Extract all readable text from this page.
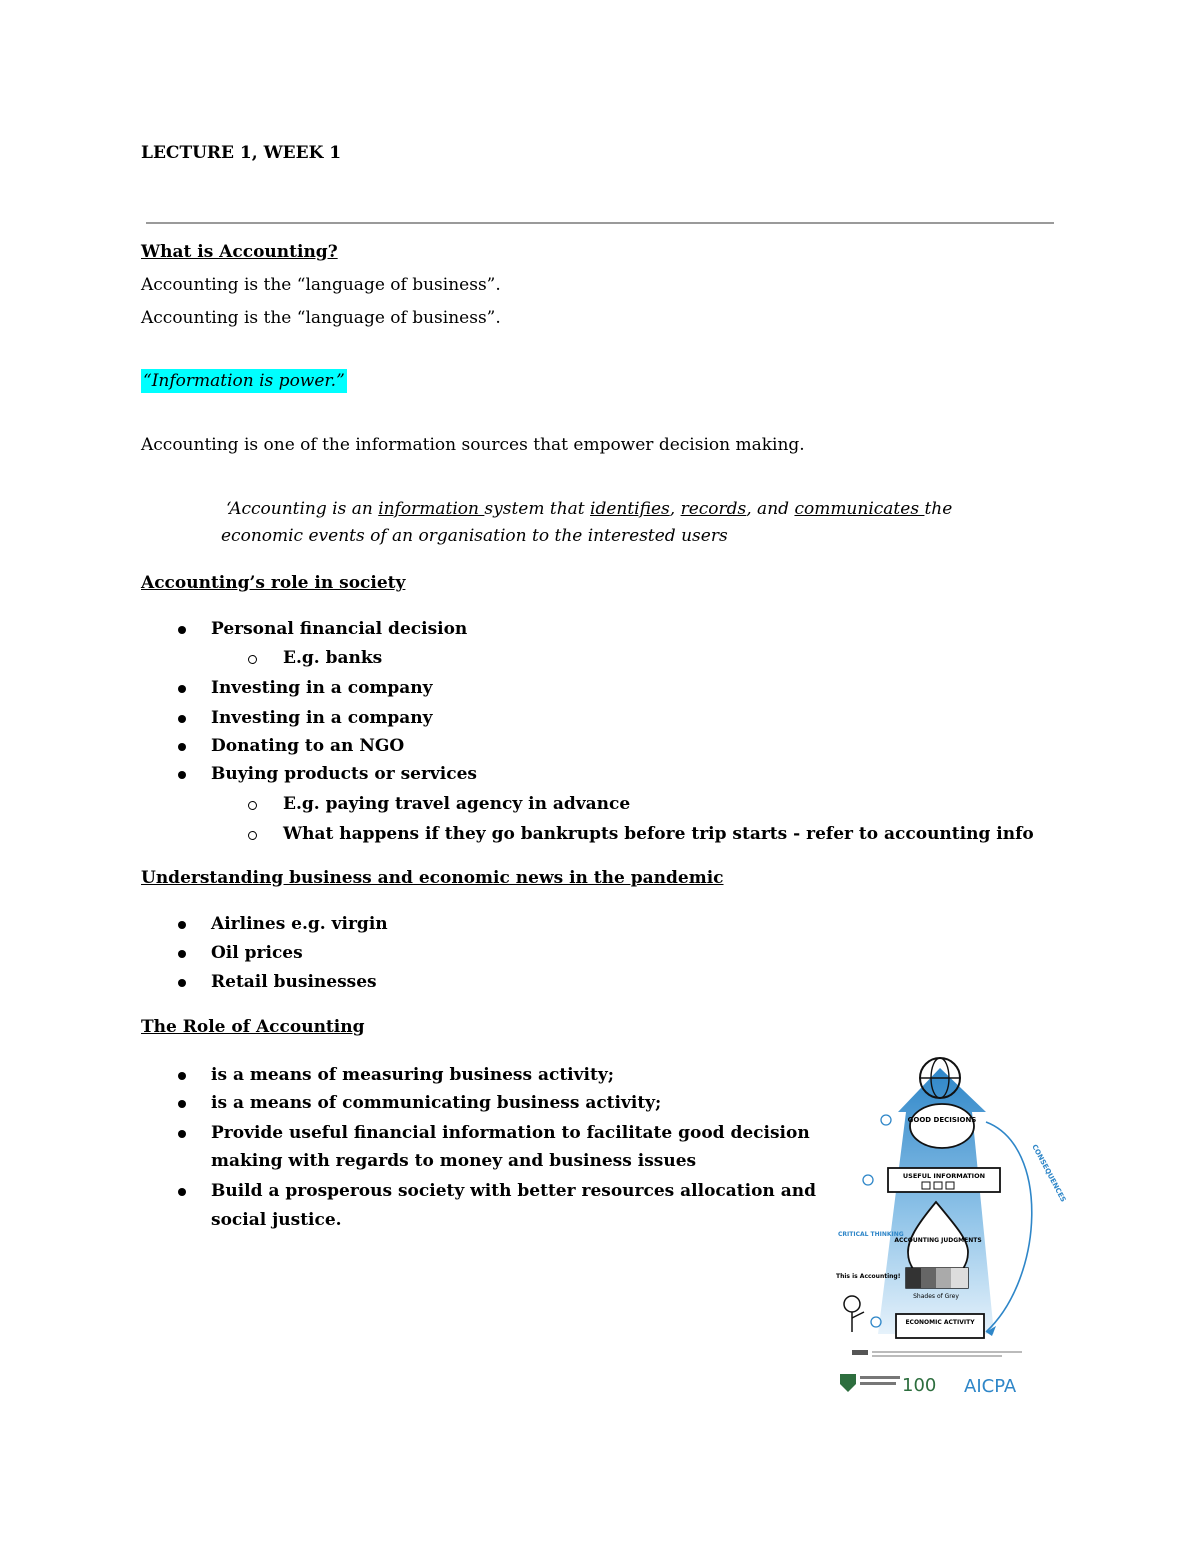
LECTURE 1, WEEK 1
What is Accounting?
Accounting is the “language of business”.
Accounting is the “language of business”.
“Information is power.”
Accounting is one of the information sources that empower decision making.
‘Accounting is an information system that identifies, records, and communicates the
economic events of an organisation to the interested users
Accounting’s role in society
Personal financial decision
E.g. banks
Investing in a company
Investing in a company
Donating to an NGO
Buying products or services
E.g. paying travel agency in advance
What happens if they go bankrupts before trip starts - refer to accounting info
Understanding business and economic news in the pandemic
Airlines e.g. virgin
Oil prices
Retail businesses
The Role of Accounting
is a means of measuring business activity;
is a means of communicating business activity;
Provide useful financial information to facilitate good decision
making with regards to money and business issues
Build a prosperous society with better resources allocation and
social justice.
GOOD DECISIONS
USEFUL INFORMATION
ACCOUNTING JUDGMENTS
Shades of Grey
ECONOMIC ACTIVITY
CONSEQUENCES
CRITICAL THINKING
This is Accounting!
100 AICPA
